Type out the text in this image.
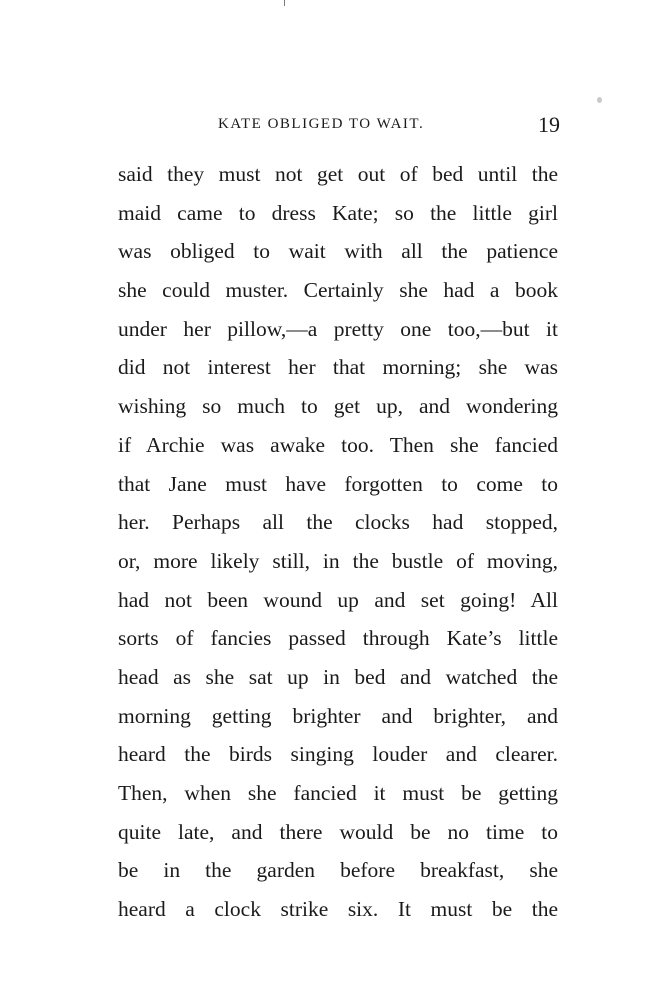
KATE OBLIGED TO WAIT.	19
said they must not get out of bed until the
maid came to dress Kate; so the little girl
was obliged to wait with all the patience
she could muster. Certainly she had a book
under her pillow,—a pretty one too,—but it
did not interest her that morning; she was
wishing so much to get up, and wondering
if Archie was awake too. Then she fancied
that Jane must have forgotten to come to
her. Perhaps all the clocks had stopped,
or, more likely still, in the bustle of moving,
had not been wound up and set going! All
sorts of fancies passed through Kate’s little
head as she sat up in bed and watched the
morning getting brighter and brighter, and
heard the birds singing louder and clearer.
Then, when she fancied it must be getting
quite late, and there would be no time to
be in the garden before breakfast, she
heard a clock strike six. It must be the
